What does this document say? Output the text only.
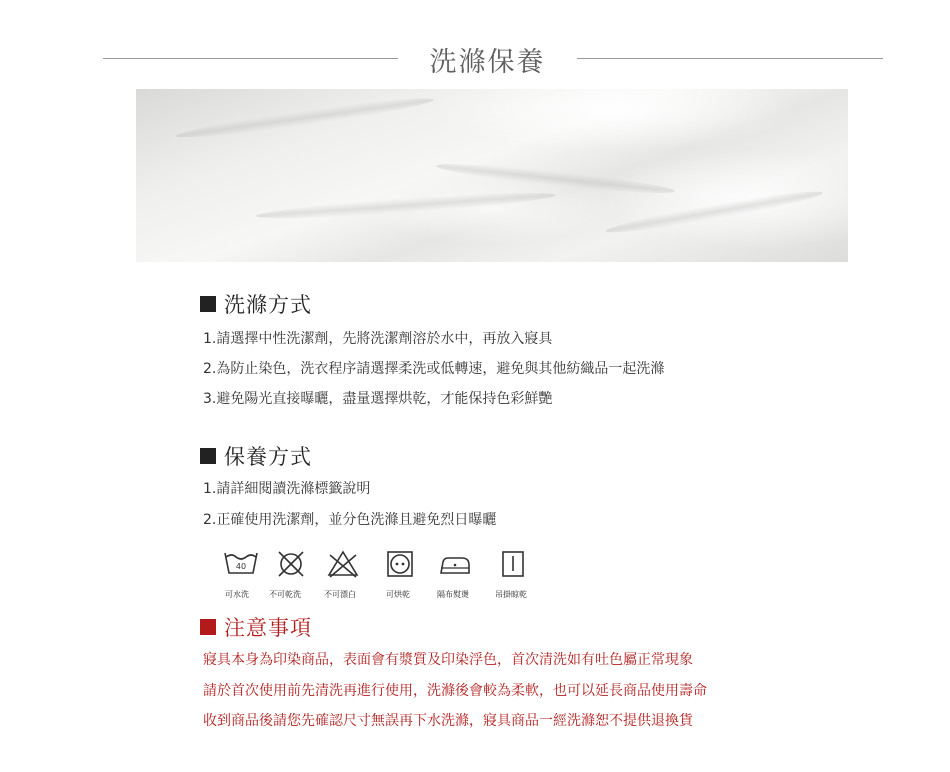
洗滌保養
洗滌方式
1.請選擇中性洗潔劑，先將洗潔劑溶於水中，再放入寢具
2.為防止染色，洗衣程序請選擇柔洗或低轉速，避免與其他紡織品一起洗滌
3.避免陽光直接曝曬，盡量選擇烘乾，才能保持色彩鮮艷
保養方式
1.請詳細閱讀洗滌標籤說明
2.正確使用洗潔劑，並分色洗滌且避免烈日曝曬
40
可水洗	不可乾洗	不可漂白	可烘乾	隔布熨燙	吊掛晾乾
注意事項
寢具本身為印染商品，表面會有漿質及印染浮色，首次清洗如有吐色屬正常現象
請於首次使用前先清洗再進行使用，洗滌後會較為柔軟，也可以延長商品使用壽命
收到商品後請您先確認尺寸無誤再下水洗滌，寢具商品一經洗滌恕不提供退換貨
